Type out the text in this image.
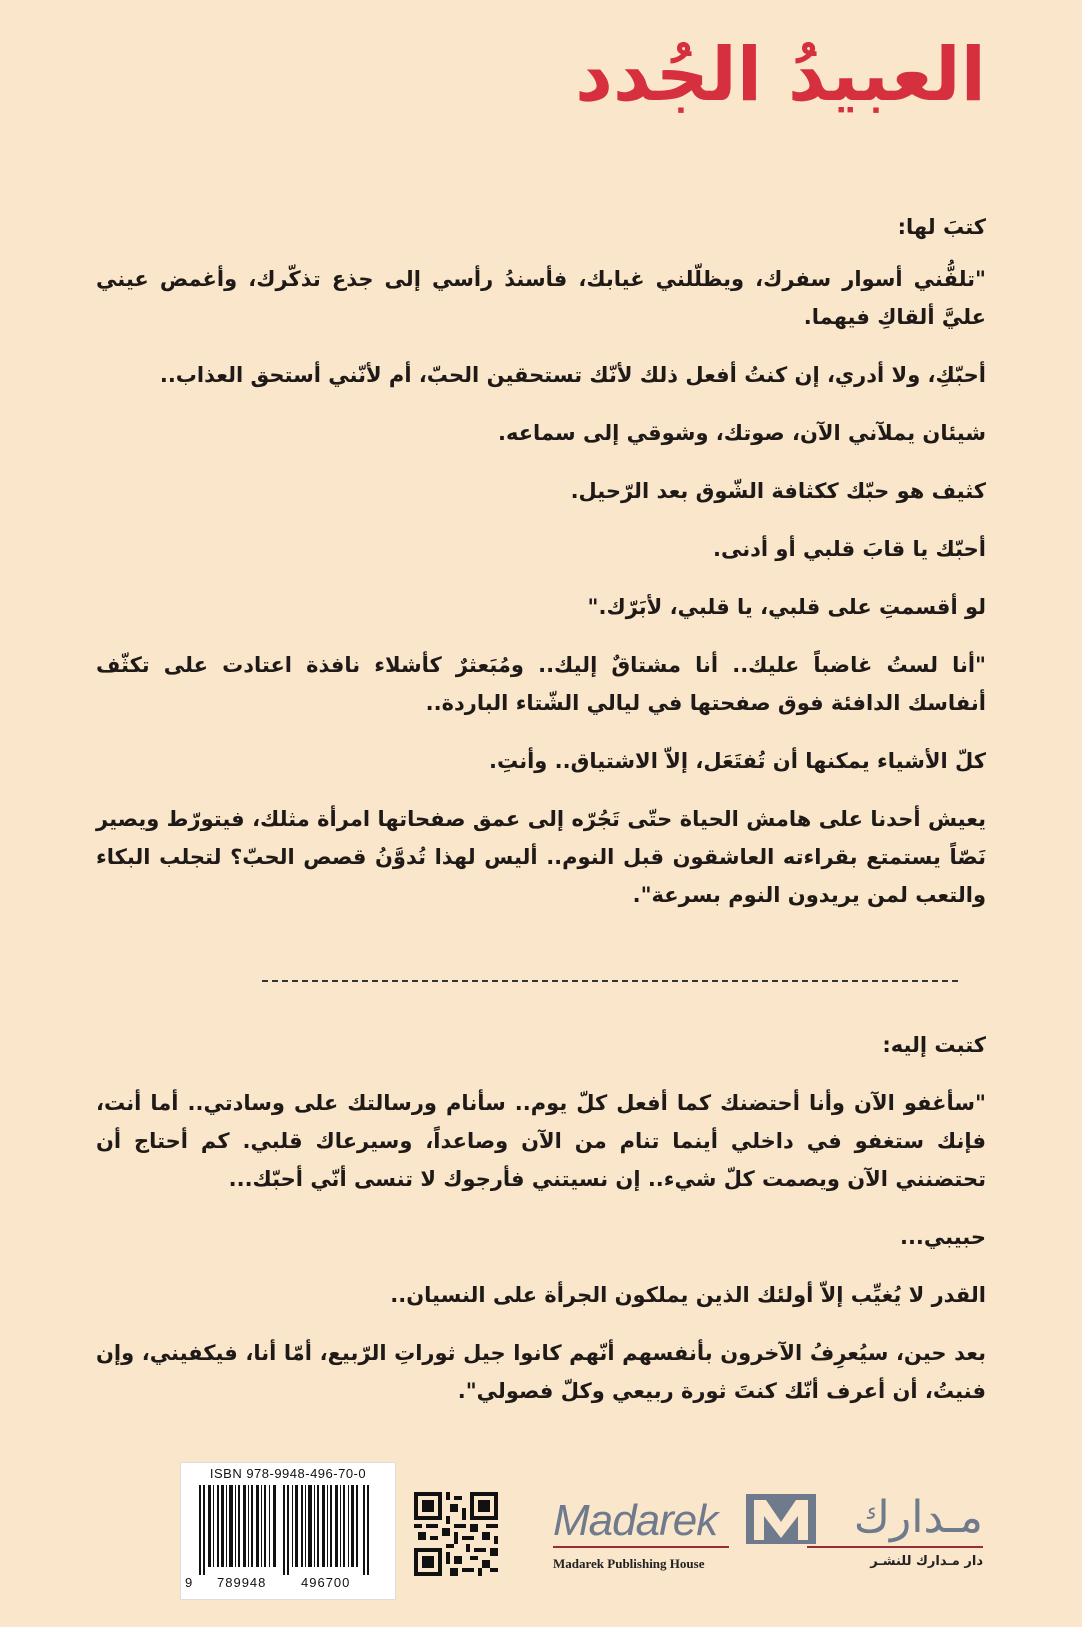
العبيدُ الجُدد

كتبَ لها:

"تلفُّني أسوار سفرك، ويظلّلني غيابك، فأسندُ رأسي إلى جذع تذكّرك، وأغمض عيني عليَّ ألقاكِ فيهما.

أحبّكِ، ولا أدري، إن كنتُ أفعل ذلك لأنّك تستحقين الحبّ، أم لأنّني أستحق العذاب..

شيئان يملآني الآن، صوتك، وشوقي إلى سماعه.

كثيف هو حبّك ككثافة الشّوق بعد الرّحيل.

أحبّك يا قابَ قلبي أو أدنى.

لو أقسمتِ على قلبي، يا قلبي، لأبَرّك."

"أنا لستُ غاضباً عليك.. أنا مشتاقٌ إليك.. ومُبَعثرٌ كأشلاء نافذة اعتادت على تكثّف أنفاسك الدافئة فوق صفحتها في ليالي الشّتاء الباردة..

كلّ الأشياء يمكنها أن تُفتَعَل، إلاّ الاشتياق.. وأنتِ.

يعيش أحدنا على هامش الحياة حتّى تَجُرّه إلى عمق صفحاتها امرأة مثلك، فيتورّط ويصير نَصّاً يستمتع بقراءته العاشقون قبل النوم.. أليس لهذا تُدوَّنُ قصص الحبّ؟ لتجلب البكاء والتعب لمن يريدون النوم بسرعة".

كتبت إليه:

"سأغفو الآن وأنا أحتضنك كما أفعل كلّ يوم.. سأنام ورسالتك على وسادتي.. أما أنت، فإنك ستغفو في داخلي أينما تنام من الآن وصاعداً، وسيرعاك قلبي. كم أحتاج أن تحتضنني الآن ويصمت كلّ شيء.. إن نسيتني فأرجوك لا تنسى أنّي أحبّك...

حبيبي...

القدر لا يُغيِّب إلاّ أولئك الذين يملكون الجرأة على النسيان..

بعد حين، سيُعرِفُ الآخرون بأنفسهم أنّهم كانوا جيل ثوراتِ الرّبيع، أمّا أنا، فيكفيني، وإن فنيتُ، أن أعرف أنّك كنتَ ثورة ربيعي وكلّ فصولي".

ISBN 978-9948-496-70-0
9 789948	496700
Madarek	مـدارك
Madarek Publishing House	دار مـدارك للنشـر
